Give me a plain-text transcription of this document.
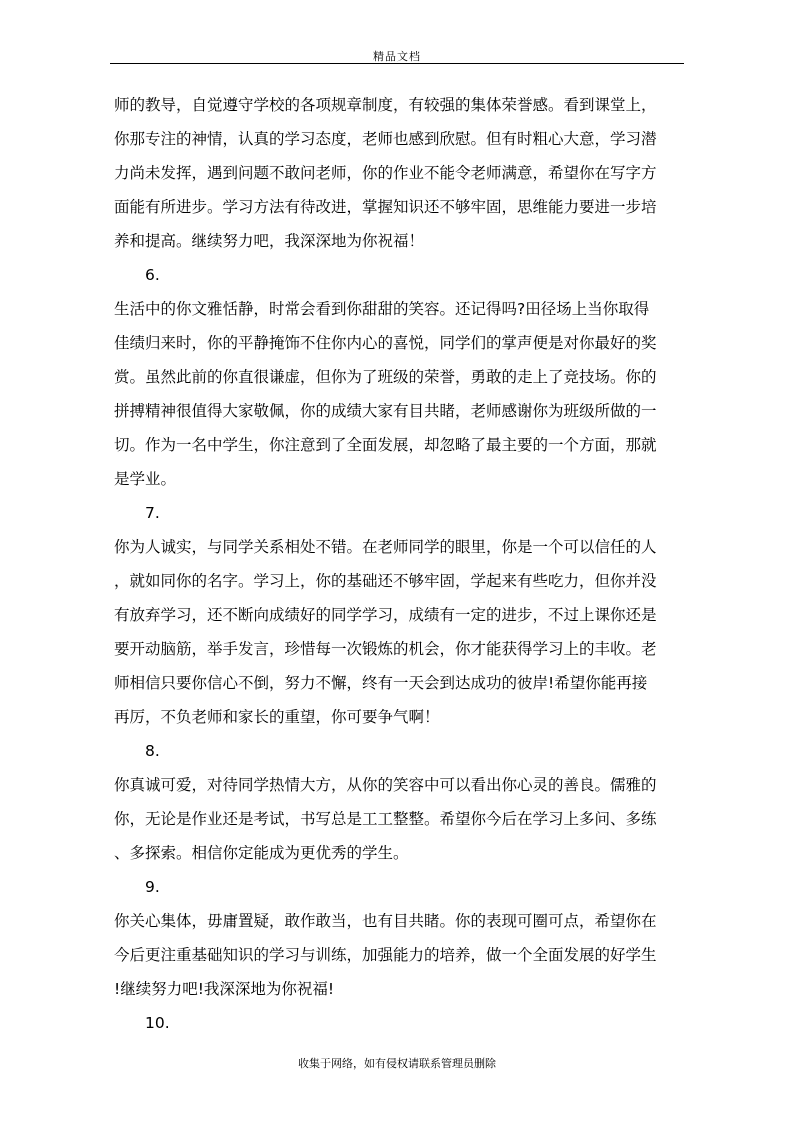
精品文档
师的教导，自觉遵守学校的各项规章制度，有较强的集体荣誉感。看到课堂上，
你那专注的神情，认真的学习态度，老师也感到欣慰。但有时粗心大意，学习潜
力尚未发挥，遇到问题不敢问老师，你的作业不能令老师满意，希望你在写字方
面能有所进步。学习方法有待改进，掌握知识还不够牢固，思维能力要进一步培
养和提高。继续努力吧，我深深地为你祝福！
6.
生活中的你文雅恬静，时常会看到你甜甜的笑容。还记得吗?田径场上当你取得
佳绩归来时，你的平静掩饰不住你内心的喜悦，同学们的掌声便是对你最好的奖
赏。虽然此前的你直很谦虚，但你为了班级的荣誉，勇敢的走上了竞技场。你的
拼搏精神很值得大家敬佩，你的成绩大家有目共睹，老师感谢你为班级所做的一
切。作为一名中学生，你注意到了全面发展，却忽略了最主要的一个方面，那就
是学业。
7.
你为人诚实，与同学关系相处不错。在老师同学的眼里，你是一个可以信任的人
，就如同你的名字。学习上，你的基础还不够牢固，学起来有些吃力，但你并没
有放弃学习，还不断向成绩好的同学学习，成绩有一定的进步，不过上课你还是
要开动脑筋，举手发言，珍惜每一次锻炼的机会，你才能获得学习上的丰收。老
师相信只要你信心不倒，努力不懈，终有一天会到达成功的彼岸!希望你能再接
再厉，不负老师和家长的重望，你可要争气啊！
8.
你真诚可爱，对待同学热情大方，从你的笑容中可以看出你心灵的善良。儒雅的
你，无论是作业还是考试，书写总是工工整整。希望你今后在学习上多问、多练
、多探索。相信你定能成为更优秀的学生。
9.
你关心集体，毋庸置疑，敢作敢当，也有目共睹。你的表现可圈可点，希望你在
今后更注重基础知识的学习与训练，加强能力的培养，做一个全面发展的好学生
!继续努力吧!我深深地为你祝福!
10.
收集于网络，如有侵权请联系管理员删除
